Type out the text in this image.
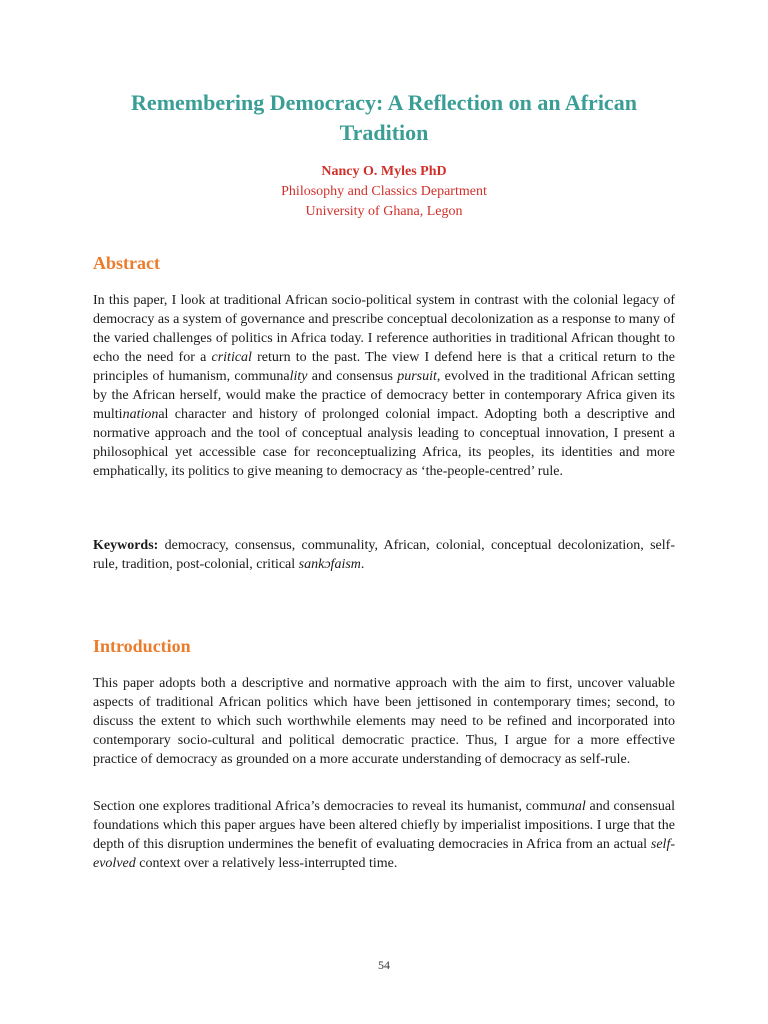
Remembering Democracy: A Reflection on an African Tradition
Nancy O. Myles PhD
Philosophy and Classics Department
University of Ghana, Legon
Abstract

In this paper, I look at traditional African socio-political system in contrast with the colonial legacy of democracy as a system of governance and prescribe conceptual decolonization as a response to many of the varied challenges of politics in Africa today. I reference authorities in traditional African thought to echo the need for a critical return to the past. The view I defend here is that a critical return to the principles of humanism, communality and consensus pursuit, evolved in the traditional African setting by the African herself, would make the practice of democracy better in contemporary Africa given its multinational character and history of prolonged colonial impact. Adopting both a descriptive and normative approach and the tool of conceptual analysis leading to conceptual innovation, I present a philosophical yet accessible case for reconceptualizing Africa, its peoples, its identities and more emphatically, its politics to give meaning to democracy as ‘the-people-centred’ rule.

Keywords: democracy, consensus, communality, African, colonial, conceptual decolonization, self-rule, tradition, post-colonial, critical sankɔfaism.

Introduction

This paper adopts both a descriptive and normative approach with the aim to first, uncover valuable aspects of traditional African politics which have been jettisoned in contemporary times; second, to discuss the extent to which such worthwhile elements may need to be refined and incorporated into contemporary socio-cultural and political democratic practice. Thus, I argue for a more effective practice of democracy as grounded on a more accurate understanding of democracy as self-rule.

Section one explores traditional Africa’s democracies to reveal its humanist, communal and consensual foundations which this paper argues have been altered chiefly by imperialist impositions. I urge that the depth of this disruption undermines the benefit of evaluating democracies in Africa from an actual self-evolved context over a relatively less-interrupted time.

54
